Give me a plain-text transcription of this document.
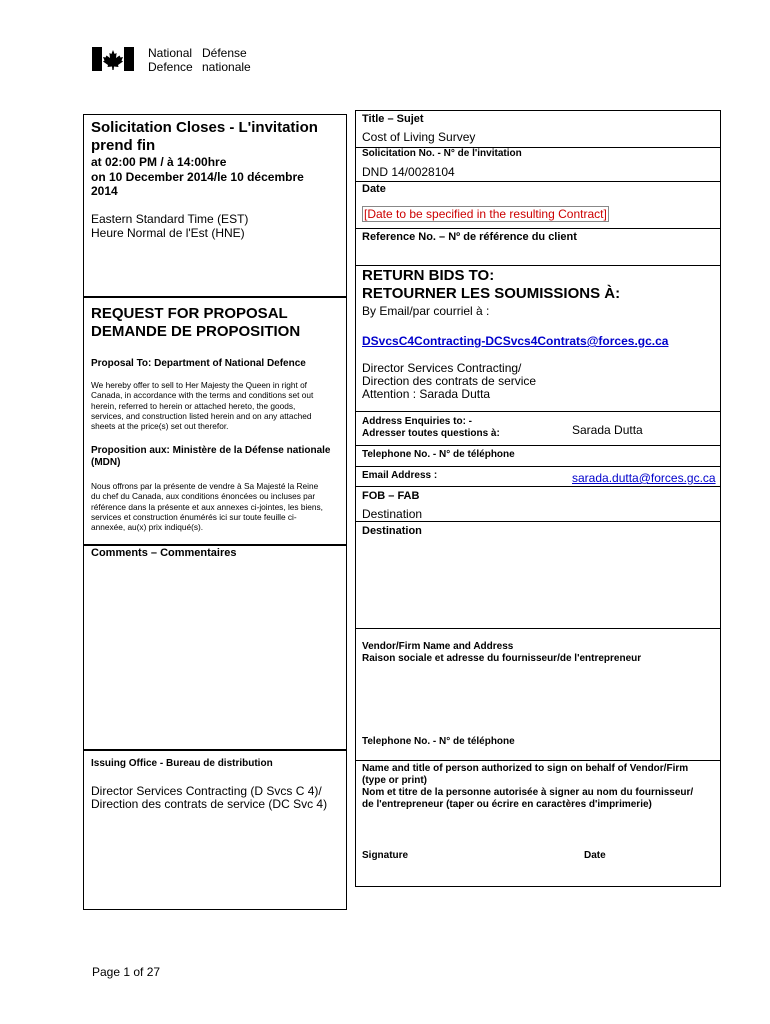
National
Defence
Défense
nationale
Solicitation Closes - L'invitation prend fin
at 02:00 PM / à 14:00hre
on 10 December 2014/le 10 décembre 2014
Eastern Standard Time (EST)
Heure Normal de l'Est (HNE)
REQUEST FOR PROPOSAL
DEMANDE DE PROPOSITION
Proposal To: Department of National Defence
We hereby offer to sell to Her Majesty the Queen in right of Canada, in accordance with the terms and conditions set out herein, referred to herein or attached hereto, the goods, services, and construction listed herein and on any attached sheets at the price(s) set out therefor.
Proposition aux: Ministère de la Défense nationale (MDN)
Nous offrons par la présente de vendre à Sa Majesté la Reine du chef du Canada, aux conditions énoncées ou incluses par référence dans la présente et aux annexes ci-jointes, les biens, services et construction énumérés ici sur toute feuille ci-annexée, au(x) prix indiqué(s).
Comments – Commentaires
Issuing Office - Bureau de distribution
Director Services Contracting (D Svcs C 4)/
Direction des contrats de service (DC Svc 4)
Title – Sujet
Cost of Living Survey
Solicitation No. - N° de l'invitation
DND 14/0028104
Date
[Date to be specified in the resulting Contract]
Reference No. – Nº de référence du client
RETURN BIDS TO:
RETOURNER LES SOUMISSIONS À:
By Email/par courriel à :
DSvcsC4Contracting-DCSvcs4Contrats@forces.gc.ca
Director Services Contracting/
Direction des contrats de service
Attention : Sarada Dutta
Address Enquiries to: -
Adresser toutes questions à:	Sarada Dutta
Telephone No. - N° de téléphone
Email Address :	sarada.dutta@forces.gc.ca
FOB – FAB
Destination
Destination
Vendor/Firm Name and Address
Raison sociale et adresse du fournisseur/de l'entrepreneur
Telephone No. - N° de téléphone
Name and title of person authorized to sign on behalf of Vendor/Firm
(type or print)
Nom et titre de la personne autorisée à signer au nom du fournisseur/
de l'entrepreneur (taper ou écrire en caractères d'imprimerie)
Signature	Date
Page 1 of 27
